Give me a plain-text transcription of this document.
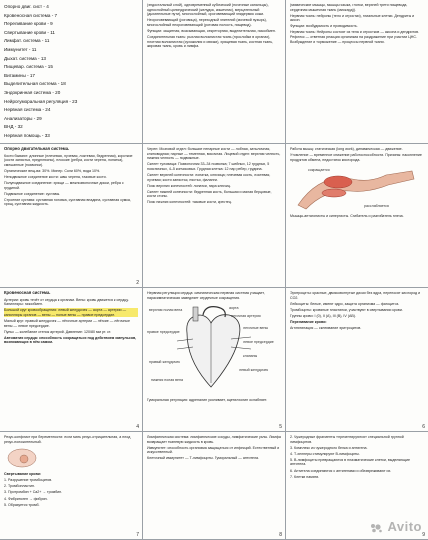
Опорно двиг. сист - 4
Кровеносная система - 7
Переливание крови - 9
Свертывание крови - 11
Лимфат. система - 11
Иммунитет - 11
Дыхат. система - 13
Пищевар. система - 15
Витамины - 17
Выделительная система - 18
Эндокринная система - 20
Нейрогуморальная регуляция - 23
Нервная система - 24
Анализаторы - 29
ВНД - 32
Нервная помощь - 33

(эндостальный слой), одновременный кубический (почечные канальцы), однослойный цилиндрический (желудок, кишечник), мерцательный (дыхательные пути), многослойный, ороговевающий эпидермис кожи.

Неороговевающий (роговица), переходный эпителий (мочевой пузырь), многослойный неороговевающий (ротовая полость, пищевод).

Функции: защитная, всасывающая, секреторная, выделительная, газообмен.

Соединительная ткань: рыхлая волокнистая ткань (прослойки в органах), плотная волокнистая (сухожилия и связки), хрящевая ткань, костная ткань, жировая ткань, кровь и лимфа.

(мимические мышцы, мышцы языка, глотки, верхней трети пищевода, сердечная мышечная ткань (миокард)).

Нервная ткань: нейроны (тело и отростки), глиальные клетки. Дендриты и аксон.

Функции: возбудимость и проводимость.

Нервная ткань: Нейроны состоят из тела и отростков — аксона и дендритов. Рефлекс — ответная реакция организма на раздражение при участии ЦНС. Возбуждение и торможение — процессы нервной ткани.

Опорно двигательная система.

Кости бывают: длинные (плечевая, лучевая, локтевая, бедренная), короткие (кости запястья, предплюсны), плоские (ребра, кости черепа, лопатка), смешанные (позвонки).

Органические вещ-ва: 30%. Минер. Соли 60%, вода 10%.

Неподвижное соединение кости: швы черепа, тазовые кости.

Полуподвижное соединение: хрящи — межпозвоночные диски, ребра с грудиной.

Подвижное соединение: суставы.

Строение сустава: суставная головка, суставная впадина, суставная сумка, хрящ, суставная жидкость.

2

Череп: Мозговой отдел: большие непарные кости — лобная, затылочная, клиновидная; парные — теменная, височная. Лицевой отдел: верхняя челюсть, нижняя челюсть — подвижные.

Скелет туловища: Позвоночник 33–34 позвонка; 7 шейных, 12 грудных, 5 поясничных, 4–5 копчиковых. Грудная клетка: 12 пар ребер, грудина.

Скелет верхней конечности: лопатка, ключица; плечевая кость, локтевая, лучевая; кости запястья, пястья, фаланги.

Пояс верхних конечностей: лопатки, пара ключиц.

Скелет нижней конечности: бедренная кость, большая и малая берцовые, кости стопы.

Пояс нижних конечностей: тазовые кости, крестец.

Работа мышц: статическая (long work), динамическая — движение.

Утомление — временное снижение работоспособности. Причины: накопление продуктов обмена, недостаток кислорода.

сокращается
расслабляется

Мышцы-антагонисты и синергисты. Сгибатель и разгибатель плеча.

Кровеносная система.

Артерии: кровь течёт от сердца к органам. Вены: кровь движется к сердцу. Капилляры: газообмен.

Большой круг кровообращения: левый желудочек — аорта — артерии — капилляры органов — вены — полые вены — правое предсердие.

Малый круг: правый желудочек — лёгочные артерии — лёгкие — лёгочные вены — левое предсердие.

Пульс — колебание стенок артерий. Давление: 120/80 мм рт. ст.

Автоматия сердца: способность сокращаться под действием импульсов, возникающих в нём самом.

4

Нервная регуляция сердца: симпатическая нервная система учащает, парасимпатическая замедляет сердечные сокращения.

аорта
верхняя полая вена
легочная артерия
легочные вены
левое предсердие
правое предсердие
клапаны
левый желудочек
правый желудочек
нижняя полая вена

Гуморальная регуляция: адреналин усиливает, ацетилхолин ослабляет.

5

Эритроциты: красные, двояковогнутые диски без ядра, переносят кислород и CO2.

Лейкоциты: белые, имеют ядро, защита организма — фагоцитоз.

Тромбоциты: кровяные пластинки, участвуют в свертывании крови.

Группы крови: I (0), II (A), III (B), IV (AB).

Переливание крови:

Агглютинация — склеивание эритроцитов.

6

Резус-конфликт при беременности: если мать резус-отрицательная, а плод резус-положительный.

Свертывание крови:

1. Разрушение тромбоцитов.

2. Тромбопластин.

3. Протромбин + Ca2+ → тромбин.

4. Фибриноген → фибрин.

5. Образуется тромб.

7

Лимфатическая система: лимфатические сосуды, лимфатические узлы. Лимфа возвращает тканевую жидкость в кровь.

Иммунитет: способность организма защищаться от инфекций. Естественный и искусственный.

Клеточный иммунитет — Т-лимфоциты. Гуморальный — антитела.

8

2. Чужеродные фрагменты «презентируются» специальной группой лимфоцитов.

3. Комплекс из чужеродного белка и антигена.

4. Т-хелперы стимулируют В-лимфоциты.

5. В-лимфоциты превращаются в плазматические клетки, выделяющие антитела.

6. Антитела соединяются с антигенами и обезвреживают их.

7. Клетки памяти.

9
Avito
